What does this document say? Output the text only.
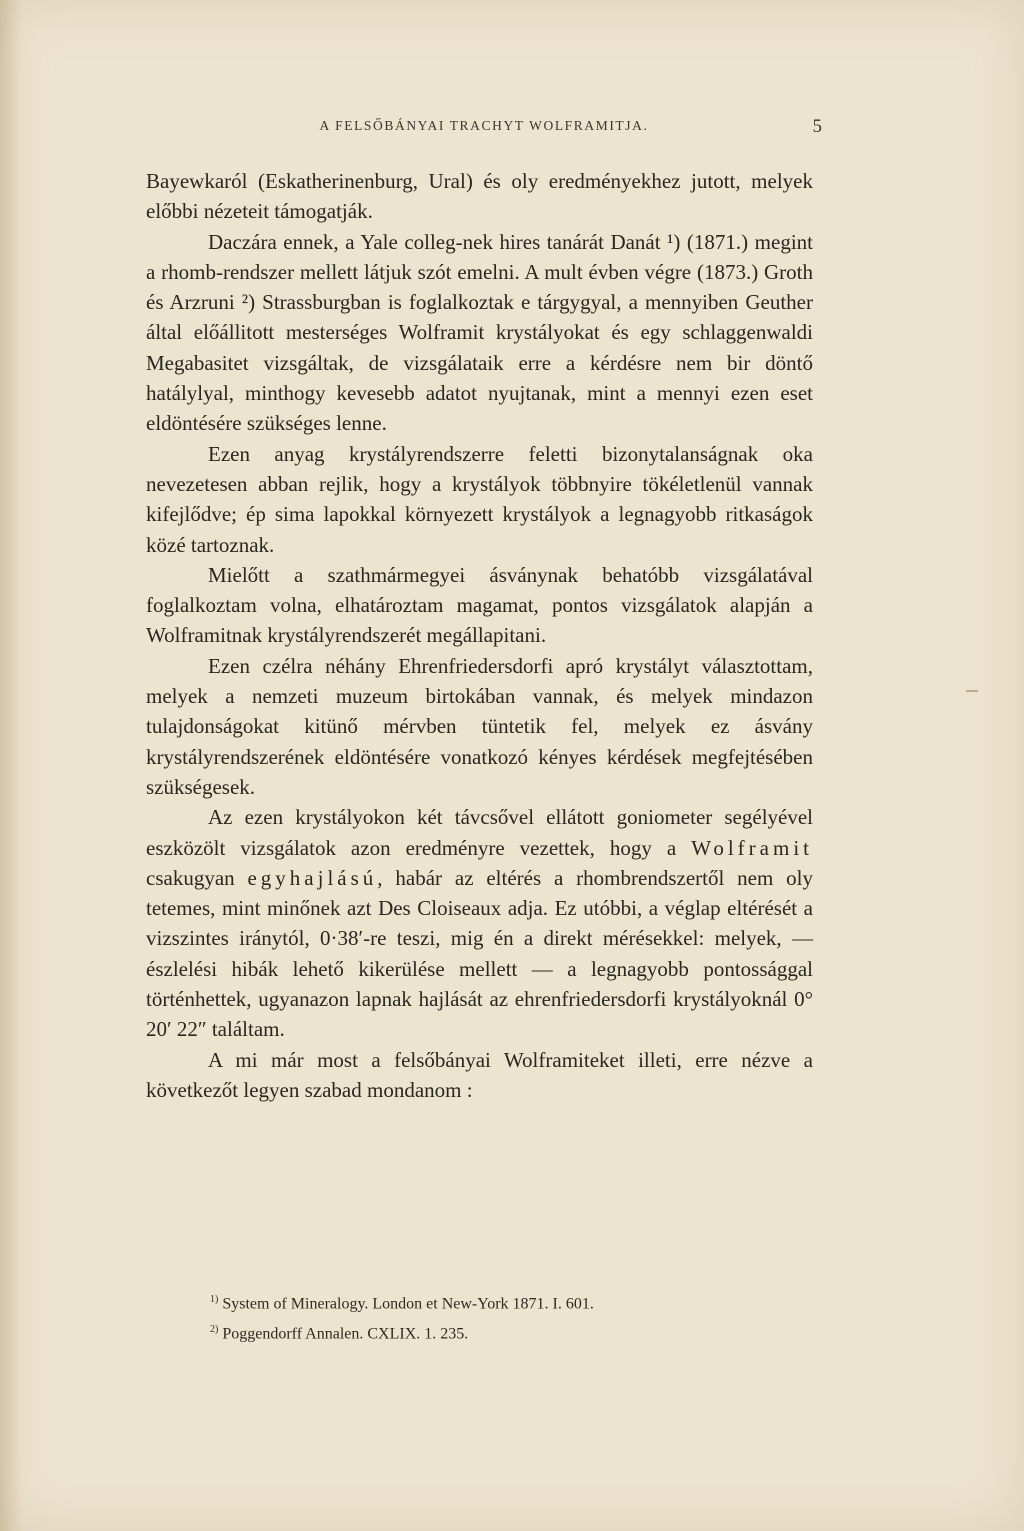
A FELSŐBÁNYAI TRACHYT WOLFRAMITJA.	5

Bayewkaról (Eskatherinenburg, Ural) és oly eredményekhez jutott, melyek előbbi nézeteit támogatják.

Daczára ennek, a Yale colleg-nek hires tanárát Danát ¹) (1871.) megint a rhomb-rendszer mellett látjuk szót emelni. A mult évben végre (1873.) Groth és Arzruni ²) Strassburgban is foglalkoztak e tárgygyal, a mennyiben Geuther által előállitott mesterséges Wolframit krystályokat és egy schlaggenwaldi Megabasitet vizsgáltak, de vizsgálataik erre a kérdésre nem bir döntő hatálylyal, minthogy kevesebb adatot nyujtanak, mint a mennyi ezen eset eldöntésére szükséges lenne.

Ezen anyag krystályrendszerre feletti bizonytalanságnak oka nevezetesen abban rejlik, hogy a krystályok többnyire tökéletlenül vannak kifejlődve; ép sima lapokkal környezett krystályok a legnagyobb ritkaságok közé tartoznak.

Mielőtt a szathmármegyei ásványnak behatóbb vizsgálatával foglalkoztam volna, elhatároztam magamat, pontos vizsgálatok alapján a Wolframitnak krystályrendszerét megállapitani.

Ezen czélra néhány Ehrenfriedersdorfi apró krystályt választottam, melyek a nemzeti muzeum birtokában vannak, és melyek mindazon tulajdonságokat kitünő mérvben tüntetik fel, melyek ez ásvány krystályrendszerének eldöntésére vonatkozó kényes kérdések megfejtésében szükségesek.

Az ezen krystályokon két távcsővel ellátott goniometer segélyével eszközölt vizsgálatok azon eredményre vezettek, hogy a Wolframit csakugyan egyhajlású, habár az eltérés a rhombrendszertől nem oly tetemes, mint minőnek azt Des Cloiseaux adja. Ez utóbbi, a véglap eltérését a vizszintes iránytól, 0·38′-re teszi, mig én a direkt mérésekkel: melyek, — észlelési hibák lehető kikerülése mellett — a legnagyobb pontossággal történhettek, ugyanazon lapnak hajlását az ehrenfriedersdorfi krystályoknál 0° 20′ 22″ találtam.

A mi már most a felsőbányai Wolframiteket illeti, erre nézve a következőt legyen szabad mondanom :

$^{1)}$ System of Mineralogy. London et New-York 1871. I. 601.

$^{2)}$ Poggendorff Annalen. CXLIX. 1. 235.
